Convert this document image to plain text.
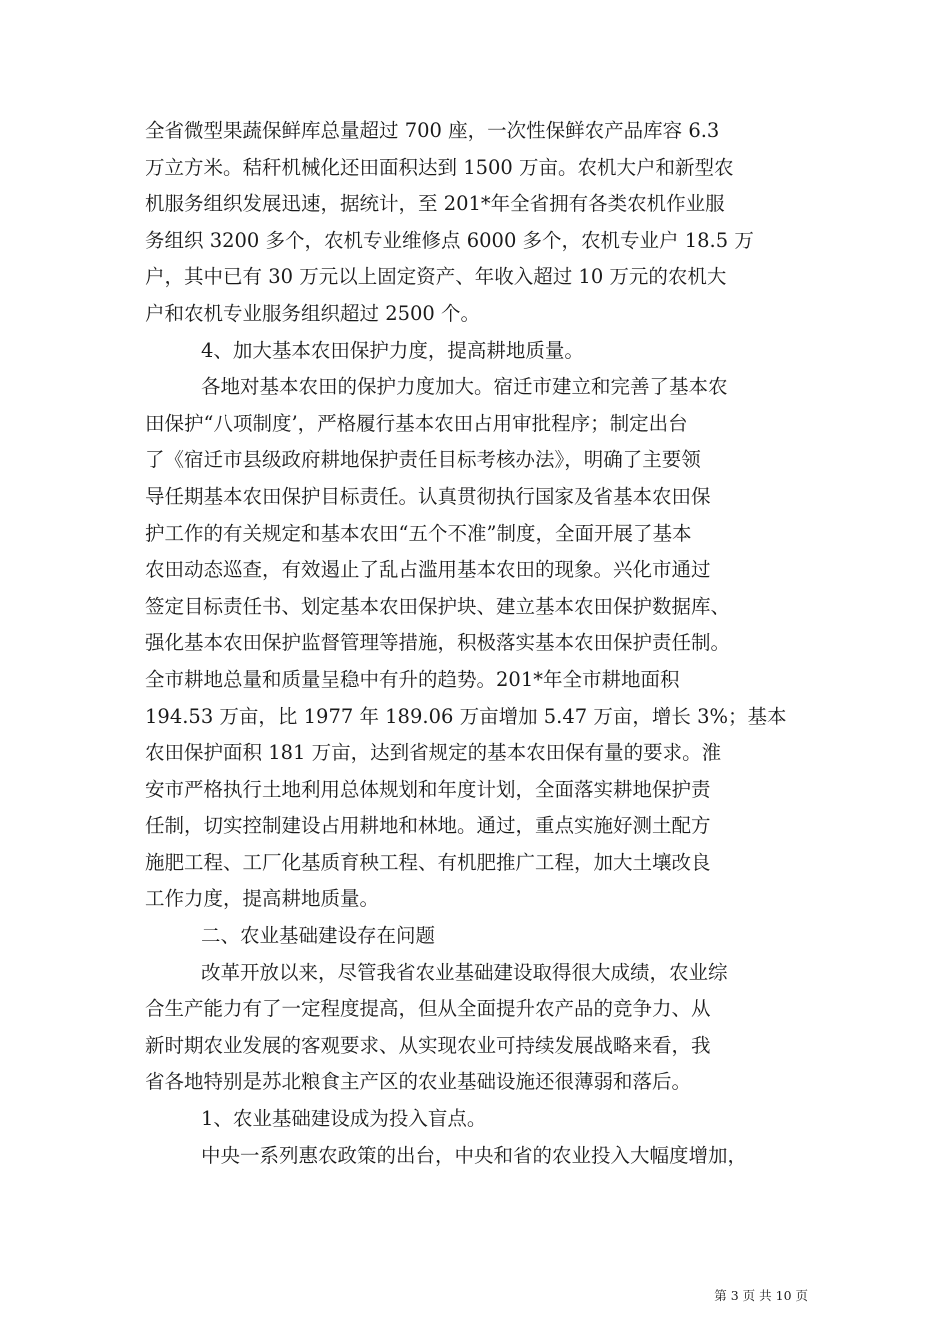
全省微型果蔬保鲜库总量超过 700 座，一次性保鲜农产品库容 6.3
万立方米。秸秆机械化还田面积达到 1500 万亩。农机大户和新型农
机服务组织发展迅速，据统计，至 201*年全省拥有各类农机作业服
务组织 3200 多个，农机专业维修点 6000 多个，农机专业户 18.5 万
户，其中已有 30 万元以上固定资产、年收入超过 10 万元的农机大
户和农机专业服务组织超过 2500 个。
4、加大基本农田保护力度，提高耕地质量。
各地对基本农田的保护力度加大。宿迁市建立和完善了基本农
田保护“八项制度’，严格履行基本农田占用审批程序；制定出台
了《宿迁市县级政府耕地保护责任目标考核办法》，明确了主要领
导任期基本农田保护目标责任。认真贯彻执行国家及省基本农田保
护工作的有关规定和基本农田“五个不准”制度，全面开展了基本
农田动态巡查，有效遏止了乱占滥用基本农田的现象。兴化市通过
签定目标责任书、划定基本农田保护块、建立基本农田保护数据库、
强化基本农田保护监督管理等措施，积极落实基本农田保护责任制。
全市耕地总量和质量呈稳中有升的趋势。201*年全市耕地面积
194.53 万亩，比 1977 年 189.06 万亩增加 5.47 万亩，增长 3%；基本
农田保护面积 181 万亩，达到省规定的基本农田保有量的要求。淮
安市严格执行土地利用总体规划和年度计划，全面落实耕地保护责
任制，切实控制建设占用耕地和林地。通过，重点实施好测土配方
施肥工程、工厂化基质育秧工程、有机肥推广工程，加大土壤改良
工作力度，提高耕地质量。
二、农业基础建设存在问题
改革开放以来，尽管我省农业基础建设取得很大成绩，农业综
合生产能力有了一定程度提高，但从全面提升农产品的竞争力、从
新时期农业发展的客观要求、从实现农业可持续发展战略来看，我
省各地特别是苏北粮食主产区的农业基础设施还很薄弱和落后。
1、农业基础建设成为投入盲点。
中央一系列惠农政策的出台，中央和省的农业投入大幅度增加，
第 3 页 共 10 页
